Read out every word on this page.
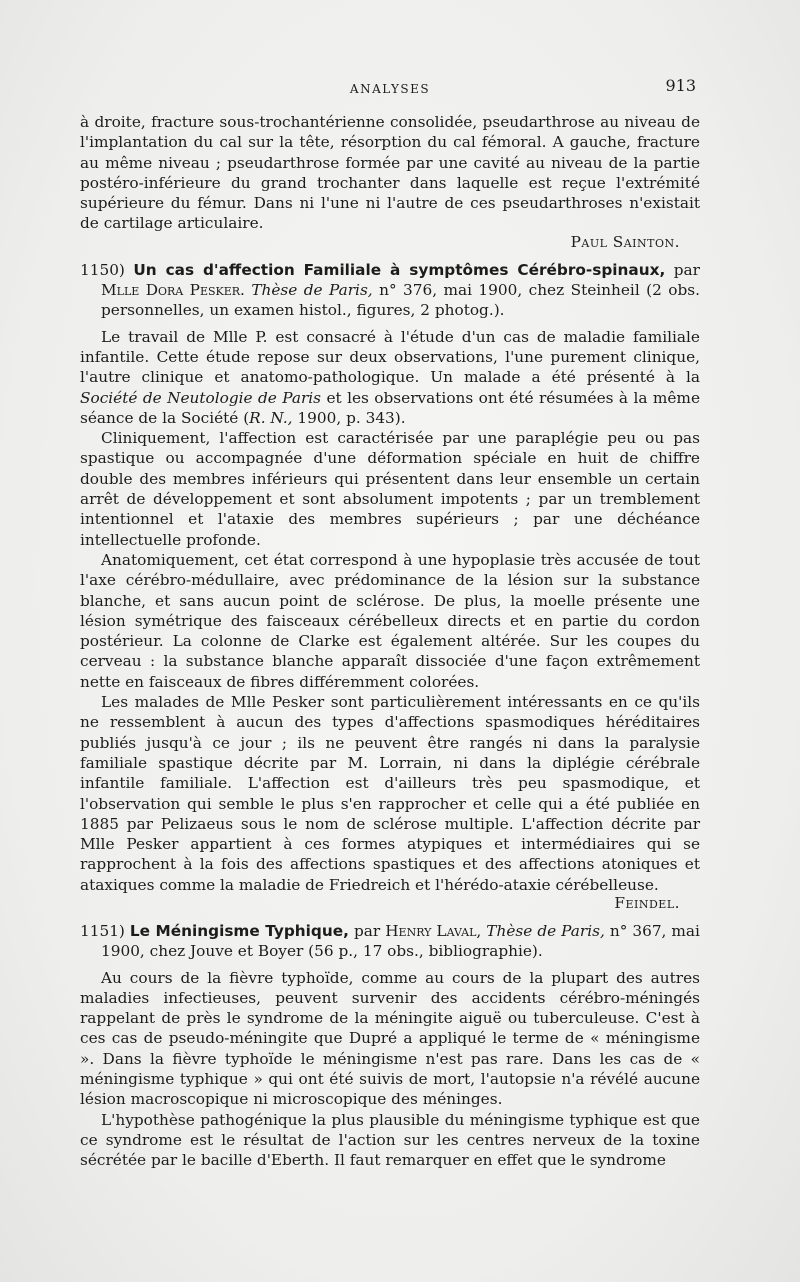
ANALYSES	913

à droite, fracture sous-trochantérienne consolidée, pseudarthrose au niveau de l'implantation du cal sur la tête, résorption du cal fémoral. A gauche, fracture au même niveau ; pseudarthrose formée par une cavité au niveau de la partie postéro-inférieure du grand trochanter dans laquelle est reçue l'extrémité supérieure du fémur. Dans ni l'une ni l'autre de ces pseudarthroses n'existait de cartilage articulaire.

Paul Sainton.

1150) Un cas d'affection Familiale à symptômes Cérébro-spinaux, par Mlle Dora Pesker. Thèse de Paris, n° 376, mai 1900, chez Steinheil (2 obs. personnelles, un examen histol., figures, 2 photog.).

Le travail de Mlle P. est consacré à l'étude d'un cas de maladie familiale infantile. Cette étude repose sur deux observations, l'une purement clinique, l'autre clinique et anatomo-pathologique. Un malade a été présenté à la Société de Neutologie de Paris et les observations ont été résumées à la même séance de la Société (R. N., 1900, p. 343).

Cliniquement, l'affection est caractérisée par une paraplégie peu ou pas spastique ou accompagnée d'une déformation spéciale en huit de chiffre double des membres inférieurs qui présentent dans leur ensemble un certain arrêt de développement et sont absolument impotents ; par un tremblement intentionnel et l'ataxie des membres supérieurs ; par une déchéance intellectuelle profonde.

Anatomiquement, cet état correspond à une hypoplasie très accusée de tout l'axe cérébro-médullaire, avec prédominance de la lésion sur la substance blanche, et sans aucun point de sclérose. De plus, la moelle présente une lésion symétrique des faisceaux cérébelleux directs et en partie du cordon postérieur. La colonne de Clarke est également altérée. Sur les coupes du cerveau : la substance blanche apparaît dissociée d'une façon extrêmement nette en faisceaux de fibres différemment colorées.

Les malades de Mlle Pesker sont particulièrement intéressants en ce qu'ils ne ressemblent à aucun des types d'affections spasmodiques héréditaires publiés jusqu'à ce jour ; ils ne peuvent être rangés ni dans la paralysie familiale spastique décrite par M. Lorrain, ni dans la diplégie cérébrale infantile familiale. L'affection est d'ailleurs très peu spasmodique, et l'observation qui semble le plus s'en rapprocher et celle qui a été publiée en 1885 par Pelizaeus sous le nom de sclérose multiple. L'affection décrite par Mlle Pesker appartient à ces formes atypiques et intermédiaires qui se rapprochent à la fois des affections spastiques et des affections atoniques et ataxiques comme la maladie de Friedreich et l'hérédo-ataxie cérébelleuse.

Feindel.

1151) Le Méningisme Typhique, par Henry Laval, Thèse de Paris, n° 367, mai 1900, chez Jouve et Boyer (56 p., 17 obs., bibliographie).

Au cours de la fièvre typhoïde, comme au cours de la plupart des autres maladies infectieuses, peuvent survenir des accidents cérébro-méningés rappelant de près le syndrome de la méningite aiguë ou tuberculeuse. C'est à ces cas de pseudo-méningite que Dupré a appliqué le terme de « méningisme ». Dans la fièvre typhoïde le méningisme n'est pas rare. Dans les cas de « méningisme typhique » qui ont été suivis de mort, l'autopsie n'a révélé aucune lésion macroscopique ni microscopique des méninges.

L'hypothèse pathogénique la plus plausible du méningisme typhique est que ce syndrome est le résultat de l'action sur les centres nerveux de la toxine sécrétée par le bacille d'Eberth. Il faut remarquer en effet que le syndrome
